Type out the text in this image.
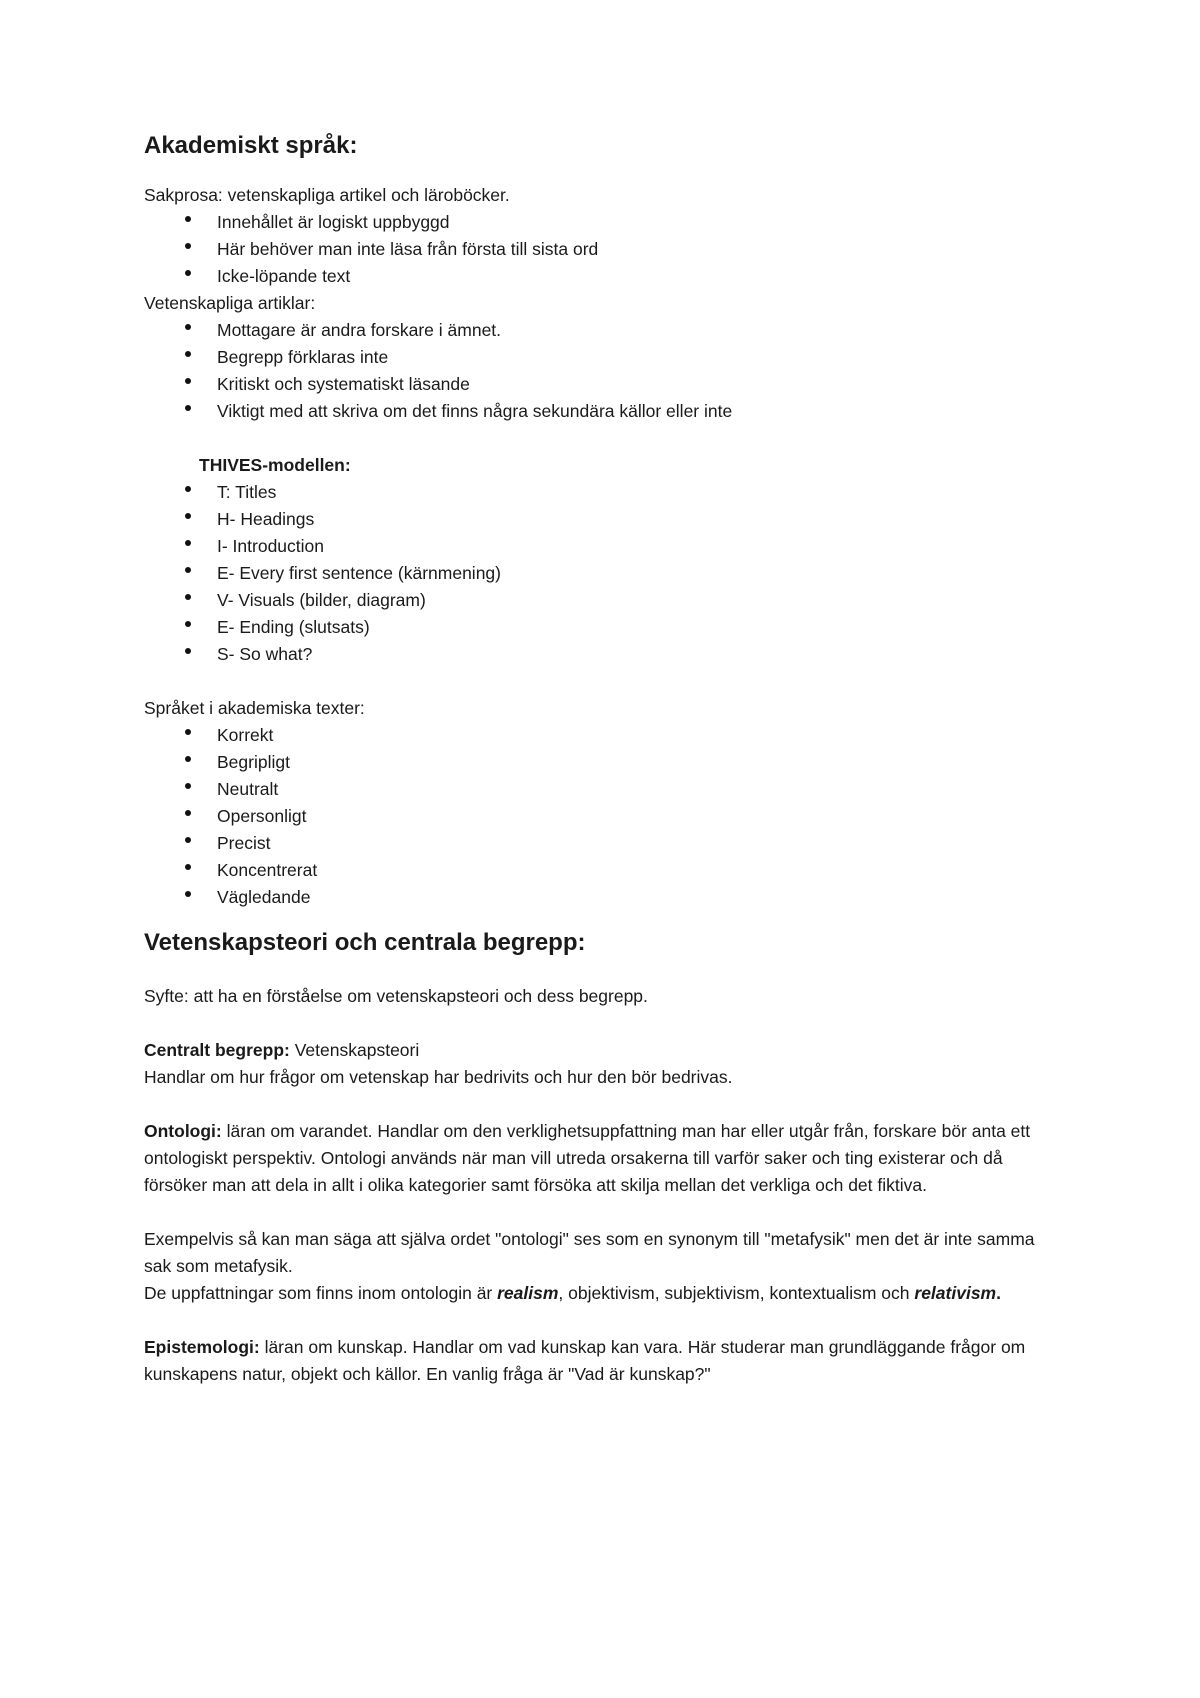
Akademiskt språk:

Sakprosa: vetenskapliga artikel och läroböcker.

Innehållet är logiskt uppbyggd
Här behöver man inte läsa från första till sista ord
Icke-löpande text

Vetenskapliga artiklar:

Mottagare är andra forskare i ämnet.
Begrepp förklaras inte
Kritiskt och systematiskt läsande
Viktigt med att skriva om det finns några sekundära källor eller inte

THIVES-modellen:

T: Titles
H- Headings
I- Introduction
E- Every first sentence (kärnmening)
V- Visuals (bilder, diagram)
E- Ending (slutsats)
S- So what?

Språket i akademiska texter:

Korrekt
Begripligt
Neutralt
Opersonligt
Precist
Koncentrerat
Vägledande
Vetenskapsteori och centrala begrepp:

Syfte: att ha en förståelse om vetenskapsteori och dess begrepp.

Centralt begrepp: Vetenskapsteori

Handlar om hur frågor om vetenskap har bedrivits och hur den bör bedrivas.

Ontologi: läran om varandet. Handlar om den verklighetsuppfattning man har eller utgår från, forskare bör anta ett ontologiskt perspektiv. Ontologi används när man vill utreda orsakerna till varför saker och ting existerar och då försöker man att dela in allt i olika kategorier samt försöka att skilja mellan det verkliga och det fiktiva.

Exempelvis så kan man säga att själva ordet "ontologi" ses som en synonym till "metafysik" men det är inte samma sak som metafysik.

De uppfattningar som finns inom ontologin är realism, objektivism, subjektivism, kontextualism och relativism.

Epistemologi: läran om kunskap. Handlar om vad kunskap kan vara. Här studerar man grundläggande frågor om kunskapens natur, objekt och källor. En vanlig fråga är "Vad är kunskap?"
